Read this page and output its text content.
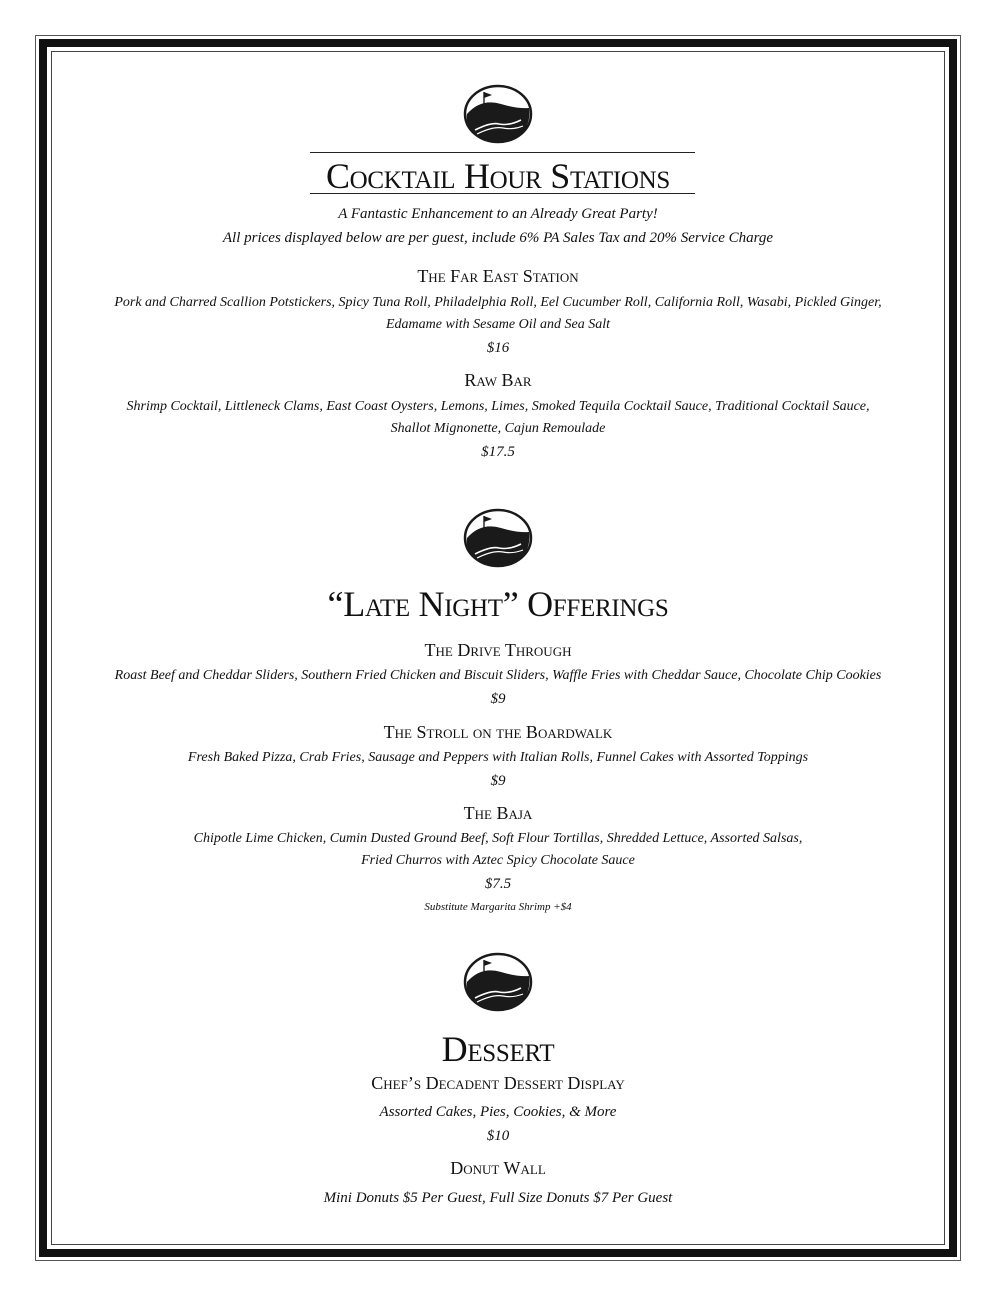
Cocktail Hour Stations
A Fantastic Enhancement to an Already Great Party!
All prices displayed below are per guest, include 6% PA Sales Tax and 20% Service Charge
The Far East Station
Pork and Charred Scallion Potstickers, Spicy Tuna Roll, Philadelphia Roll, Eel Cucumber Roll, California Roll, Wasabi, Pickled Ginger,
Edamame with Sesame Oil and Sea Salt
$16
Raw Bar
Shrimp Cocktail, Littleneck Clams, East Coast Oysters, Lemons, Limes, Smoked Tequila Cocktail Sauce, Traditional Cocktail Sauce,
Shallot Mignonette, Cajun Remoulade
$17.5
“Late Night” Offerings
The Drive Through
Roast Beef and Cheddar Sliders, Southern Fried Chicken and Biscuit Sliders, Waffle Fries with Cheddar Sauce, Chocolate Chip Cookies
$9
The Stroll on the Boardwalk
Fresh Baked Pizza, Crab Fries, Sausage and Peppers with Italian Rolls, Funnel Cakes with Assorted Toppings
$9
The Baja
Chipotle Lime Chicken, Cumin Dusted Ground Beef, Soft Flour Tortillas, Shredded Lettuce, Assorted Salsas,
Fried Churros with Aztec Spicy Chocolate Sauce
$7.5
Substitute Margarita Shrimp +$4
Dessert
Chef’s Decadent Dessert Display
Assorted Cakes, Pies, Cookies, & More
$10
Donut Wall
Mini Donuts $5 Per Guest, Full Size Donuts $7 Per Guest
